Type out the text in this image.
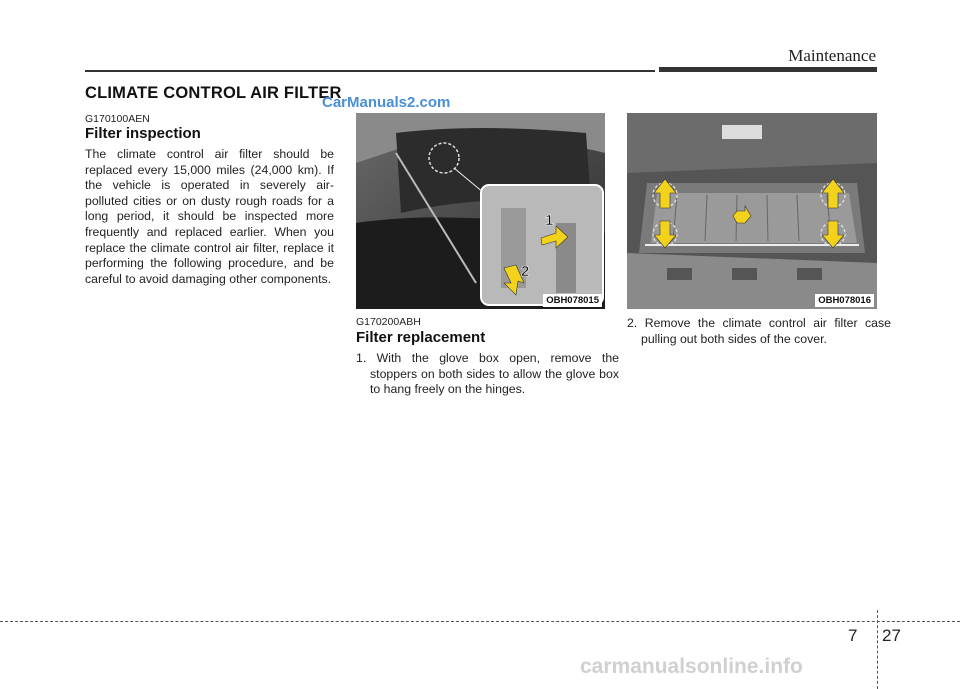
Maintenance
CLIMATE CONTROL AIR FILTER
CarManuals2.com
G170100AEN
Filter inspection
The climate control air filter should be replaced every 15,000 miles (24,000 km). If the vehicle is operated in severely air-polluted cities or on dusty rough roads for a long period, it should be inspected more frequently and replaced earlier. When you replace the climate control air filter, replace it performing the following procedure, and be careful to avoid damaging other components.
1
2
OBH078015	OBH078016
G170200ABH
Filter replacement
1. With the glove box open, remove the stoppers on both sides to allow the glove box to hang freely on the hinges.
2. Remove the climate control air filter case pulling out both sides of the cover.
7 27
carmanualsonline.info
